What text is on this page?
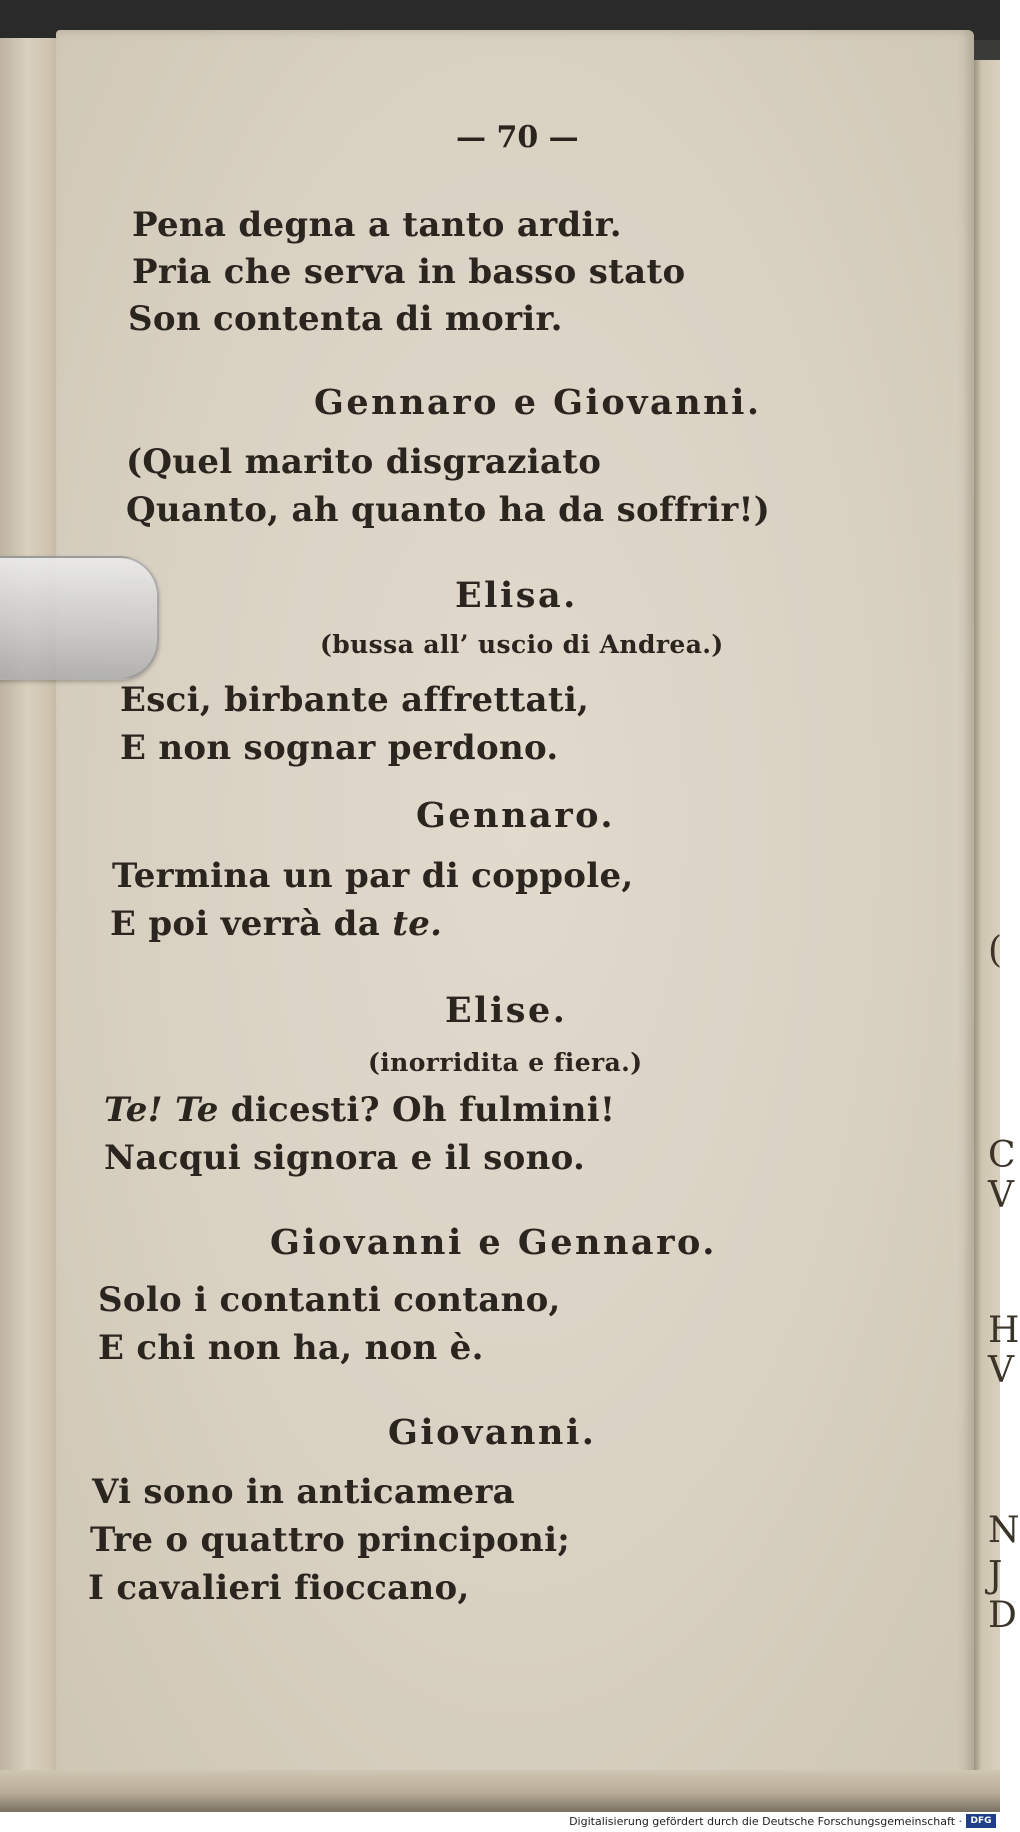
(
C
V
H
V
N
J
D

— 70 —

Pena degna a tanto ardir.

Pria che serva in basso stato

Son contenta di morir.

Gennaro e Giovanni.

(Quel marito disgraziato

Quanto, ah quanto ha da soffrir!)

Elisa.

(bussa all’ uscio di Andrea.)

Esci, birbante affrettati,

E non sognar perdono.

Gennaro.

Termina un par di coppole,

E poi verrà da te.

Elise.

(inorridita e fiera.)

Te! Te dicesti? Oh fulmini!

Nacqui signora e il sono.

Giovanni e Gennaro.

Solo i contanti contano,

E chi non ha, non è.

Giovanni.

Vi sono in anticamera

Tre o quattro principoni;

I cavalieri fioccano,

Digitalisierung gefördert durch die Deutsche Forschungsgemeinschaft · DFG
